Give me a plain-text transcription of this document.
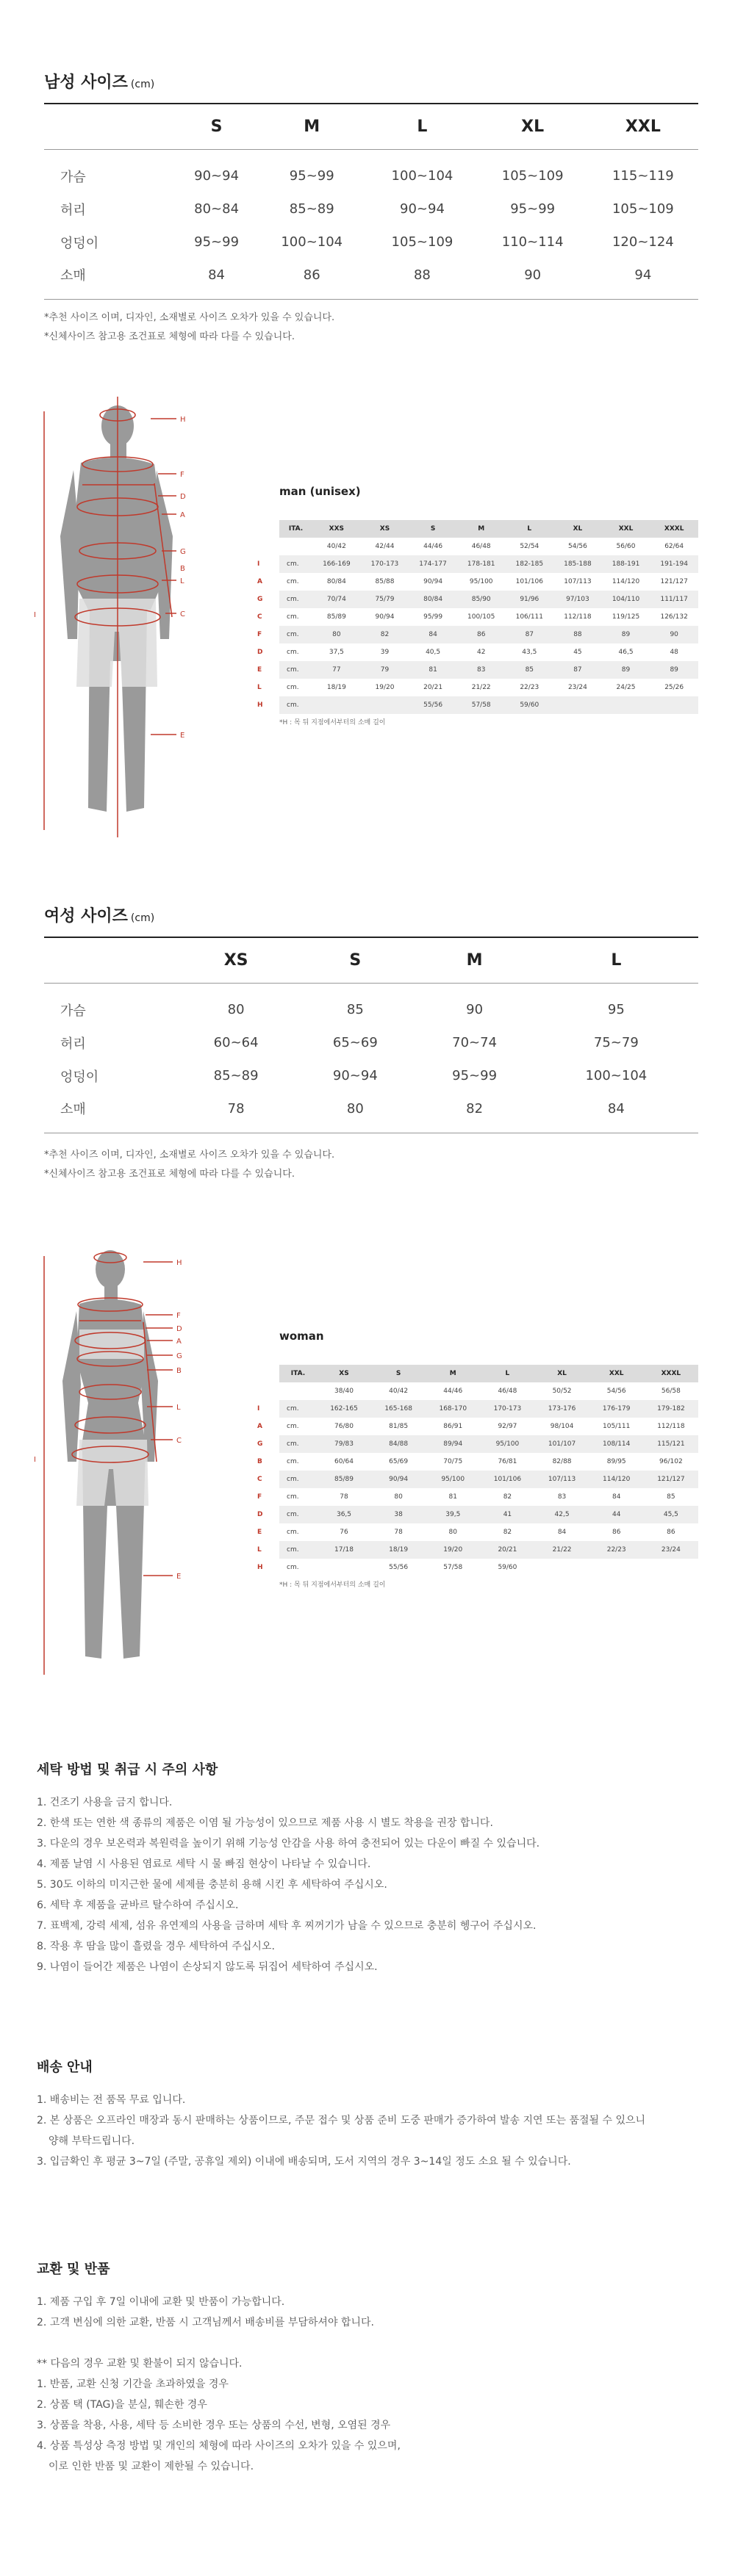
남성 사이즈 (cm)
	S	M	L	XL	XXL
가슴	90~94	95~99	100~104	105~109	115~119
허리	80~84	85~89	90~94	95~99	105~109
엉덩이	95~99	100~104	105~109	110~114	120~124
소매	84	86	88	90	94
*추천 사이즈 이며, 디자인, 소재별로 사이즈 오차가 있을 수 있습니다.
*신체사이즈 참고용 조건표로 체형에 따라 다를 수 있습니다.
H
F
D
A
G
B
L
C
I
E
man (unisex)
I
A
G
C
F
D
E
L
H
ITA.	XXS	XS	S	M	L	XL	XXL	XXXL
	40/42	42/44	44/46	46/48	52/54	54/56	56/60	62/64
cm.	166-169	170-173	174-177	178-181	182-185	185-188	188-191	191-194
cm.	80/84	85/88	90/94	95/100	101/106	107/113	114/120	121/127
cm.	70/74	75/79	80/84	85/90	91/96	97/103	104/110	111/117
cm.	85/89	90/94	95/99	100/105	106/111	112/118	119/125	126/132
cm.	80	82	84	86	87	88	89	90
cm.	37,5	39	40,5	42	43,5	45	46,5	48
cm.	77	79	81	83	85	87	89	89
cm.	18/19	19/20	20/21	21/22	22/23	23/24	24/25	25/26
cm.			55/56	57/58	59/60			
*H : 목 뒤 지점에서부터의 소매 길이
여성 사이즈 (cm)
	XS	S	M	L
가슴	80	85	90	95
허리	60~64	65~69	70~74	75~79
엉덩이	85~89	90~94	95~99	100~104
소매	78	80	82	84
*추천 사이즈 이며, 디자인, 소재별로 사이즈 오차가 있을 수 있습니다.
*신체사이즈 참고용 조건표로 체형에 따라 다를 수 있습니다.
H
F
D
A
G
B
L
C
I
E
woman
I
A
G
B
C
F
D
E
L
H
ITA.	XS	S	M	L	XL	XXL	XXXL
	38/40	40/42	44/46	46/48	50/52	54/56	56/58
cm.	162-165	165-168	168-170	170-173	173-176	176-179	179-182
cm.	76/80	81/85	86/91	92/97	98/104	105/111	112/118
cm.	79/83	84/88	89/94	95/100	101/107	108/114	115/121
cm.	60/64	65/69	70/75	76/81	82/88	89/95	96/102
cm.	85/89	90/94	95/100	101/106	107/113	114/120	121/127
cm.	78	80	81	82	83	84	85
cm.	36,5	38	39,5	41	42,5	44	45,5
cm.	76	78	80	82	84	86	86
cm.	17/18	18/19	19/20	20/21	21/22	22/23	23/24
cm.		55/56	57/58	59/60			
*H : 목 뒤 지점에서부터의 소매 길이
세탁 방법 및 취급 시 주의 사항
1. 건조기 사용을 금지 합니다.
2. 한색 또는 연한 색 종류의 제품은 이염 될 가능성이 있으므로 제품 사용 시 별도 착용을 권장 합니다.
3. 다운의 경우 보온력과 복원력을 높이기 위해 기능성 안감을 사용 하여 충전되어 있는 다운이 빠질 수 있습니다.
4. 제품 날염 시 사용된 염료로 세탁 시 물 빠짐 현상이 나타날 수 있습니다.
5. 30도 이하의 미지근한 물에 세제를 충분히 용해 시킨 후 세탁하여 주십시오.
6. 세탁 후 제품을 균바르 탈수하여 주십시오.
7. 표백제, 강력 세제, 섬유 유연제의 사용을 금하며 세탁 후 찌꺼기가 남을 수 있으므로 충분히 헹구어 주십시오.
8. 작용 후 땀을 많이 흘렸을 경우 세탁하여 주십시오.
9. 나염이 들어간 제품은 나염이 손상되지 않도록 뒤집어 세탁하여 주십시오.
배송 안내
1. 배송비는 전 품목 무료 입니다.
2. 본 상품은 오프라인 매장과 동시 판매하는 상품이므로, 주문 접수 및 상품 준비 도중 판매가 증가하여 발송 지연 또는 품절될 수 있으니
양해 부탁드립니다.
3. 입금확인 후 평균 3~7일 (주말, 공휴일 제외) 이내에 배송되며, 도서 지역의 경우 3~14일 정도 소요 될 수 있습니다.
교환 및 반품
1. 제품 구입 후 7일 이내에 교환 및 반품이 가능합니다.
2. 고객 변심에 의한 교환, 반품 시 고객님께서 배송비를 부담하셔야 합니다.
** 다음의 경우 교환 및 환불이 되지 않습니다.
1. 반품, 교환 신청 기간을 초과하였을 경우
2. 상품 택 (TAG)을 분실, 훼손한 경우
3. 상품을 착용, 사용, 세탁 등 소비한 경우 또는 상품의 수선, 변형, 오염된 경우
4. 상품 특성상 측정 방법 및 개인의 체형에 따라 사이즈의 오차가 있을 수 있으며,
이로 인한 반품 및 교환이 제한될 수 있습니다.
